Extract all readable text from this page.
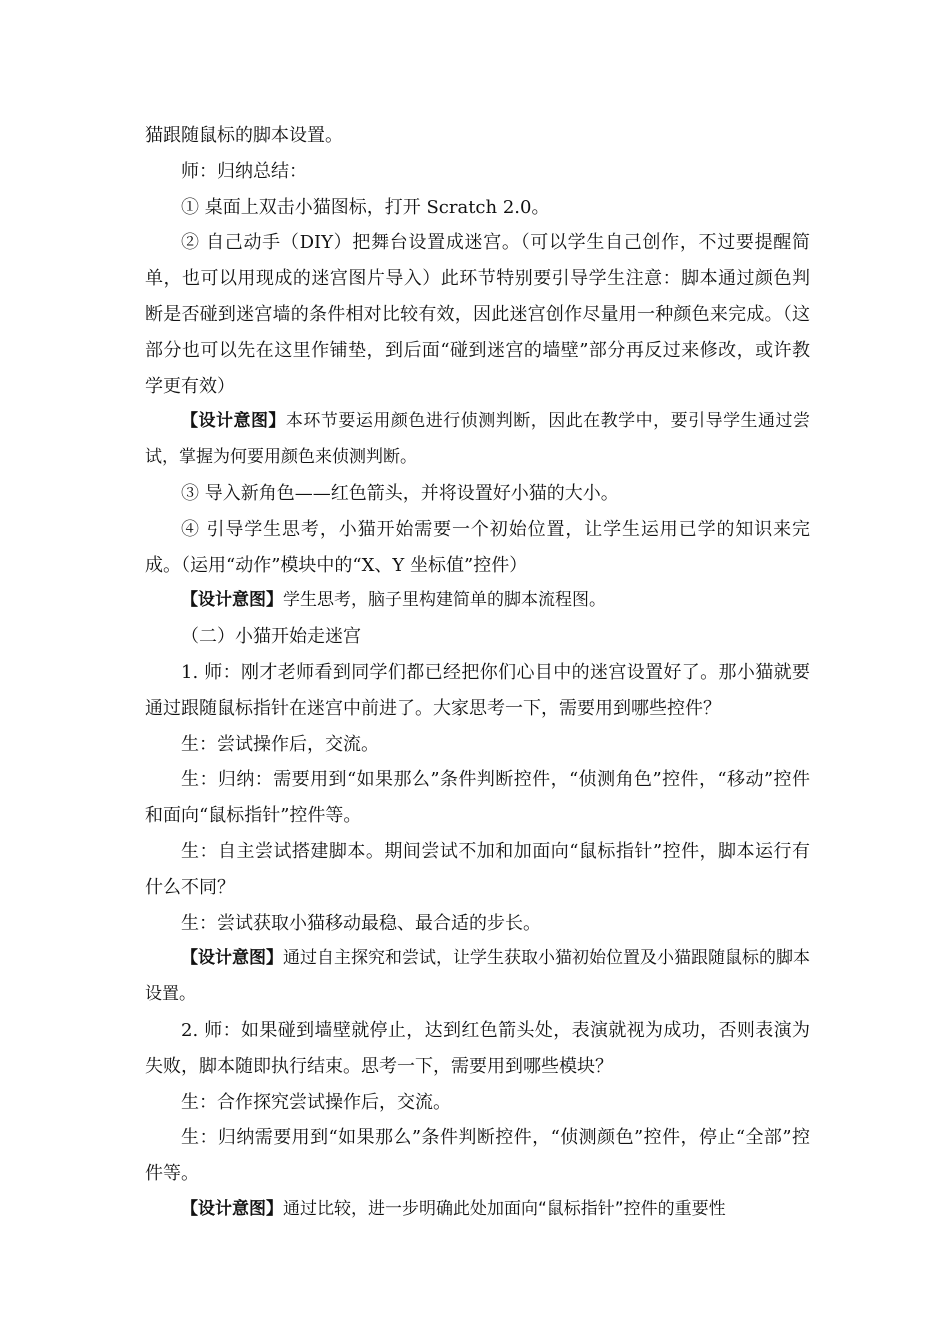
猫跟随鼠标的脚本设置。

师：归纳总结：

① 桌面上双击小猫图标，打开 Scratch 2.0。

② 自己动手（DIY）把舞台设置成迷宫。（可以学生自己创作，不过要提醒简单，也可以用现成的迷宫图片导入）此环节特别要引导学生注意：脚本通过颜色判断是否碰到迷宫墙的条件相对比较有效，因此迷宫创作尽量用一种颜色来完成。（这部分也可以先在这里作铺垫，到后面“碰到迷宫的墙壁”部分再反过来修改，或许教学更有效）

【设计意图】本环节要运用颜色进行侦测判断，因此在教学中，要引导学生通过尝试，掌握为何要用颜色来侦测判断。

③ 导入新角色——红色箭头，并将设置好小猫的大小。

④ 引导学生思考，小猫开始需要一个初始位置，让学生运用已学的知识来完成。（运用“动作”模块中的“X、Y 坐标值”控件）

【设计意图】学生思考，脑子里构建简单的脚本流程图。

（二）小猫开始走迷宫

1. 师：刚才老师看到同学们都已经把你们心目中的迷宫设置好了。那小猫就要通过跟随鼠标指针在迷宫中前进了。大家思考一下，需要用到哪些控件？

生：尝试操作后，交流。

生：归纳：需要用到“如果那么”条件判断控件，“侦测角色”控件，“移动”控件和面向“鼠标指针”控件等。

生：自主尝试搭建脚本。期间尝试不加和加面向“鼠标指针”控件，脚本运行有什么不同？

生：尝试获取小猫移动最稳、最合适的步长。

【设计意图】通过自主探究和尝试，让学生获取小猫初始位置及小猫跟随鼠标的脚本设置。

2. 师：如果碰到墙壁就停止，达到红色箭头处，表演就视为成功，否则表演为失败，脚本随即执行结束。思考一下，需要用到哪些模块？

生：合作探究尝试操作后，交流。

生：归纳需要用到“如果那么”条件判断控件，“侦测颜色”控件，停止“全部”控件等。

【设计意图】通过比较，进一步明确此处加面向“鼠标指针”控件的重要性
